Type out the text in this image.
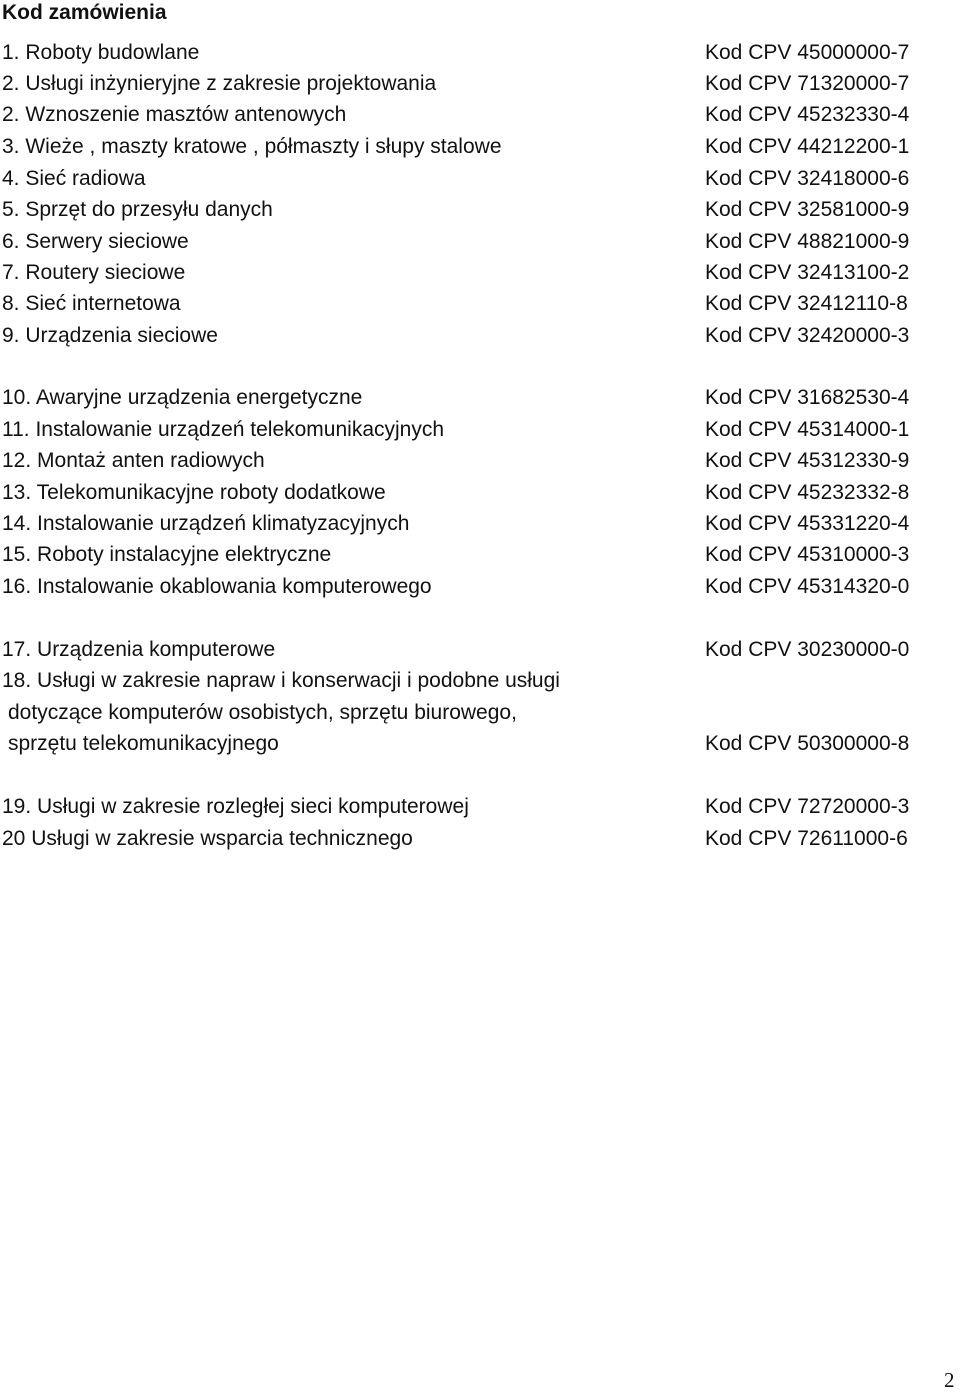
Kod zamówienia
1. Roboty budowlane	Kod CPV 45000000-7
2. Usługi inżynieryjne z zakresie projektowania	Kod CPV 71320000-7
2. Wznoszenie masztów antenowych	Kod CPV 45232330-4
3. Wieże , maszty kratowe , półmaszty i słupy stalowe	Kod CPV 44212200-1
4. Sieć radiowa	Kod CPV 32418000-6
5. Sprzęt do przesyłu danych	Kod CPV 32581000-9
6. Serwery sieciowe	Kod CPV 48821000-9
7. Routery sieciowe	Kod CPV 32413100-2
8. Sieć internetowa	Kod CPV 32412110-8
9. Urządzenia sieciowe	Kod CPV 32420000-3
10. Awaryjne urządzenia energetyczne	Kod CPV 31682530-4
11. Instalowanie urządzeń telekomunikacyjnych	Kod CPV 45314000-1
12. Montaż anten radiowych	Kod CPV 45312330-9
13. Telekomunikacyjne roboty dodatkowe	Kod CPV 45232332-8
14. Instalowanie urządzeń klimatyzacyjnych	Kod CPV 45331220-4
15. Roboty instalacyjne elektryczne	Kod CPV 45310000-3
16. Instalowanie okablowania komputerowego	Kod CPV 45314320-0
17. Urządzenia komputerowe	Kod CPV 30230000-0
18. Usługi w zakresie napraw i konserwacji i podobne usługi
dotyczące komputerów osobistych, sprzętu biurowego,
sprzętu telekomunikacyjnego	Kod CPV 50300000-8
19. Usługi w zakresie rozległej sieci komputerowej	Kod CPV 72720000-3
20 Usługi w zakresie wsparcia technicznego	Kod CPV 72611000-6
2
